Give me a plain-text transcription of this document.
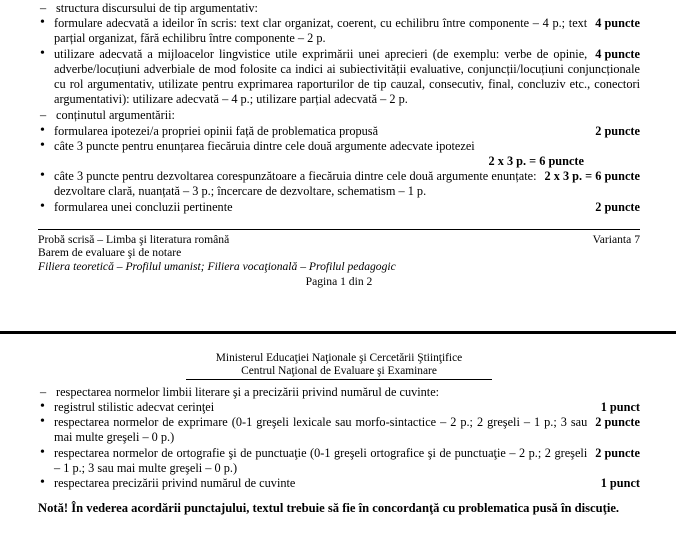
– structura discursului de tip argumentativ:
• 4 puncte
formulare adecvată a ideilor în scris: text clar organizat, coerent, cu echilibru între componente – 4 p.; text parțial organizat, fără echilibru între componente – 2 p.
• 4 puncte
utilizare adecvată a mijloacelor lingvistice utile exprimării unei aprecieri (de exemplu: verbe de opinie, adverbe/locuțiuni adverbiale de mod folosite ca indici ai subiectivității evaluative, conjuncții/locuțiuni conjuncționale cu rol argumentativ, utilizate pentru exprimarea raporturilor de tip cauzal, consecutiv, final, concluziv etc., conectori argumentativi): utilizare adecvată – 4 p.; utilizare parțial adecvată – 2 p.
– conținutul argumentării:
• 2 puncte
formularea ipotezei/a propriei opinii față de problematica propusă
• câte 3 puncte pentru enunțarea fiecăruia dintre cele două argumente adecvate ipotezei
2 x 3 p. = 6 puncte
• 2 x 3 p. = 6 puncte
câte 3 puncte pentru dezvoltarea corespunzătoare a fiecăruia dintre cele două argumente enunțate: dezvoltare clară, nuanțată – 3 p.; încercare de dezvoltare, schematism – 1 p.
• 2 puncte
formularea unei concluzii pertinente
Probă scrisă – Limba şi literatura română	Varianta 7
Barem de evaluare şi de notare
Filiera teoretică – Profilul umanist; Filiera vocaţională – Profilul pedagogic
Pagina 1 din 2
Ministerul Educaţiei Naţionale şi Cercetării Ştiinţifice
Centrul Naţional de Evaluare şi Examinare
– respectarea normelor limbii literare şi a precizării privind numărul de cuvinte:
• 1 punct
registrul stilistic adecvat cerinţei
• 2 puncte
respectarea normelor de exprimare (0-1 greşeli lexicale sau morfo-sintactice – 2 p.; 2 greşeli – 1 p.; 3 sau mai multe greşeli – 0 p.)
• 2 puncte
respectarea normelor de ortografie şi de punctuaţie (0-1 greşeli ortografice şi de punctuaţie – 2 p.; 2 greşeli – 1 p.; 3 sau mai multe greşeli – 0 p.)
• 1 punct
respectarea precizării privind numărul de cuvinte
Notă! În vederea acordării punctajului, textul trebuie să fie în concordanţă cu problematica pusă în discuţie.
